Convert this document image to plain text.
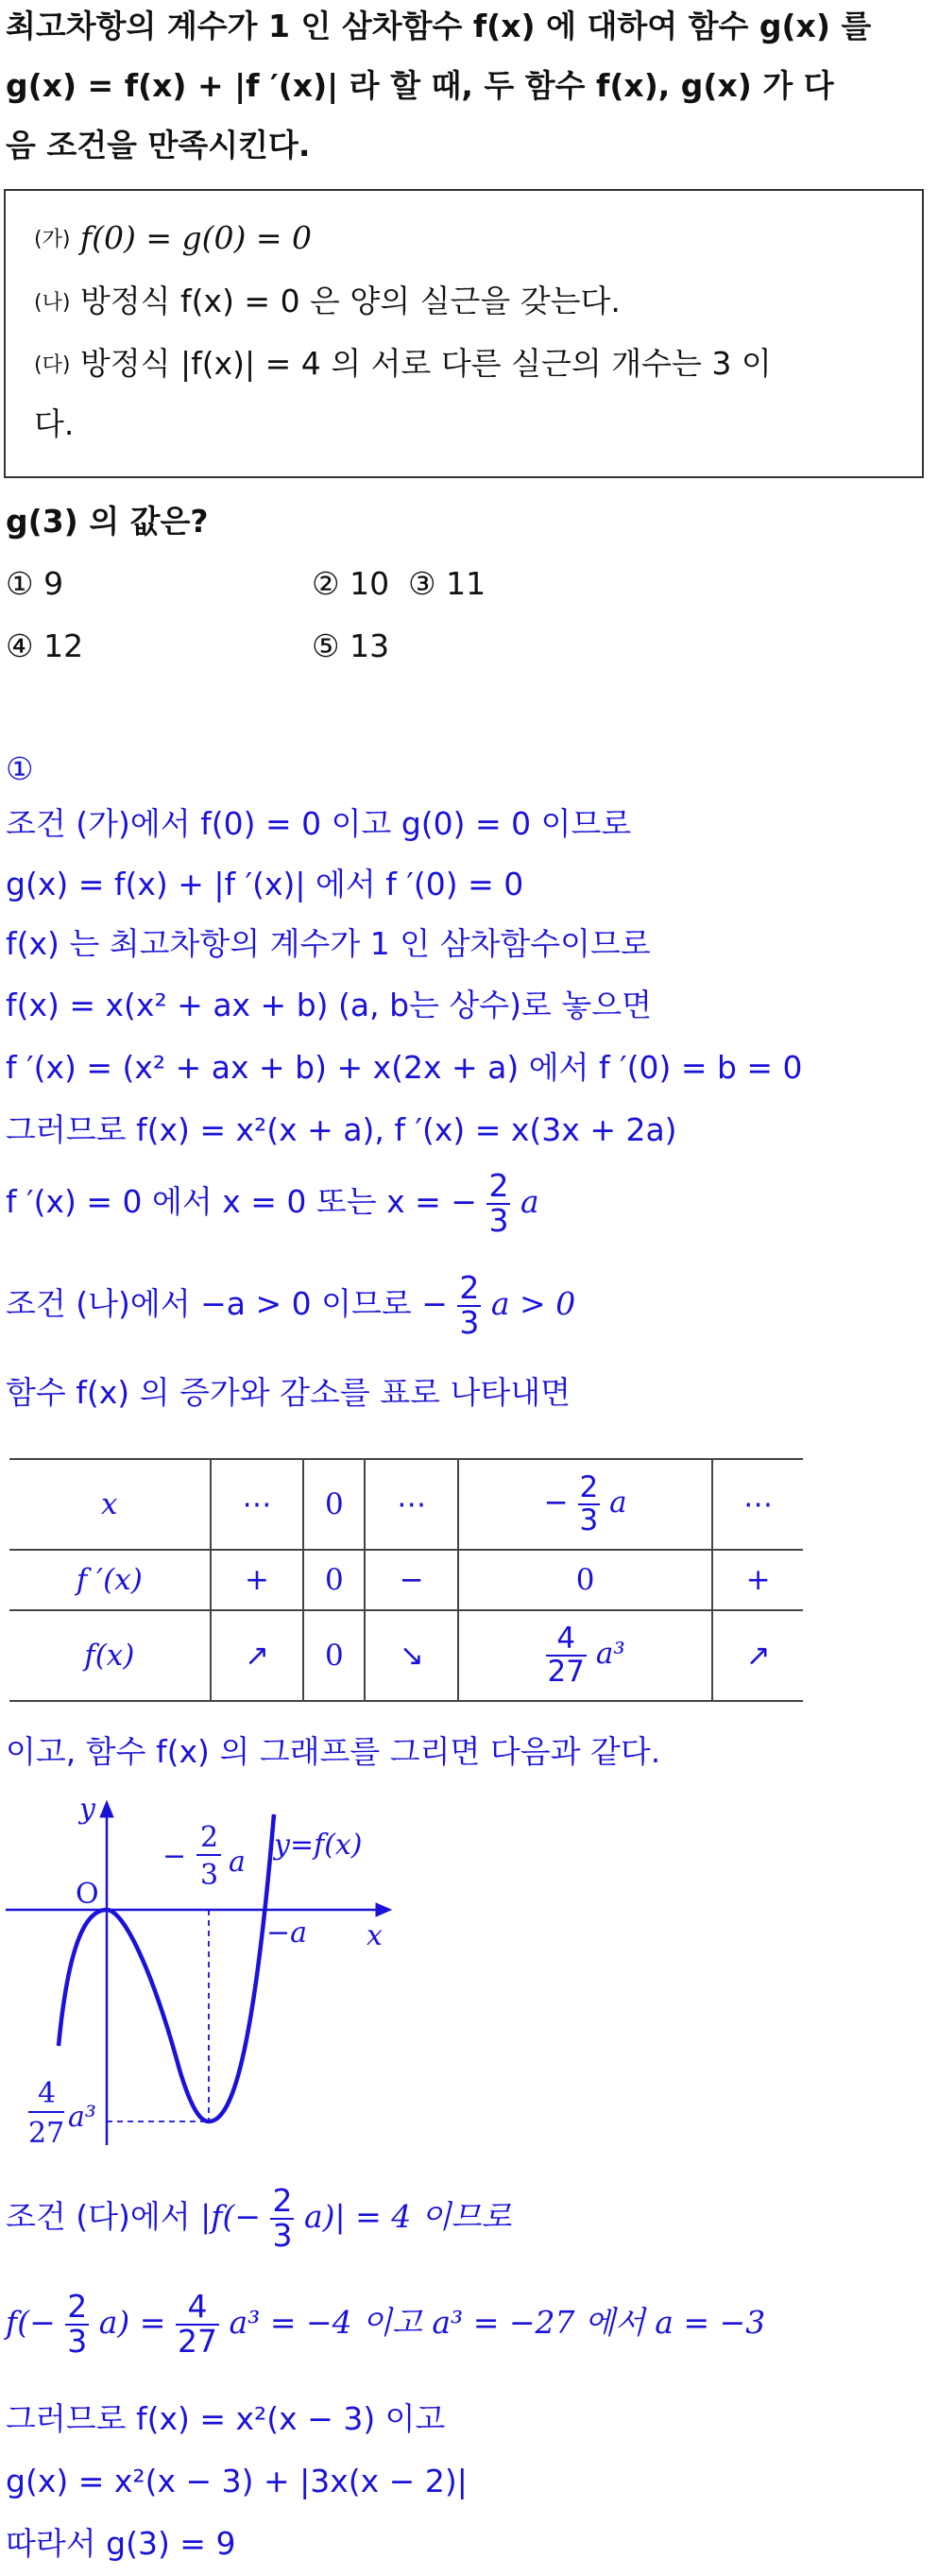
최고차항의 계수가 1 인 삼차함수 f(x) 에 대하여 함수 g(x) 를
g(x) = f(x) + |f ′(x)| 라 할 때, 두 함수 f(x), g(x) 가 다
음 조건을 만족시킨다.
(가) f(0) = g(0) = 0
(나) 방정식 f(x) = 0 은 양의 실근을 갖는다.
(다) 방정식 |f(x)| = 4 의 서로 다른 실근의 개수는 3 이
다.
g(3) 의 값은?
① 9	② 10 ③ 11
④ 12	⑤ 13
①
조건 (가)에서 f(0) = 0 이고 g(0) = 0 이므로
g(x) = f(x) + |f ′(x)| 에서 f ′(0) = 0
f(x) 는 최고차항의 계수가 1 인 삼차함수이므로
f(x) = x(x² + ax + b) (a, b는 상수)로 놓으면
f ′(x) = (x² + ax + b) + x(2x + a) 에서 f ′(0) = b = 0
그러므로 f(x) = x²(x + a), f ′(x) = x(3x + 2a)
f ′(x) = 0 에서 x = 0 또는 x = − $\frac{2}{3}$ a
조건 (나)에서 −a > 0 이므로 − $\frac{2}{3}$ a > 0
함수 f(x) 의 증가와 감소를 표로 나타내면
x	⋯	0	⋯	− $\frac{2}{3}$ a	⋯
f ′(x)	+	0	−	0	+
f(x)	↗	0	↘	$\frac{4}{27} a^3$	↗
이고, 함수 f(x) 의 그래프를 그리면 다음과 같다.
y
x
O
y=f(x)
−a
−
2
3 a
4
27 a³
조건 (다)에서 $|f(- \frac{2}{3} a)| = 4$ 이므로
$f(- \frac{2}{3} a) = \frac{4}{27} a^3 = -4$ 이고 a³ = −27 에서 a = −3
그러므로 f(x) = x²(x − 3) 이고
g(x) = x²(x − 3) + |3x(x − 2)|
따라서 g(3) = 9
